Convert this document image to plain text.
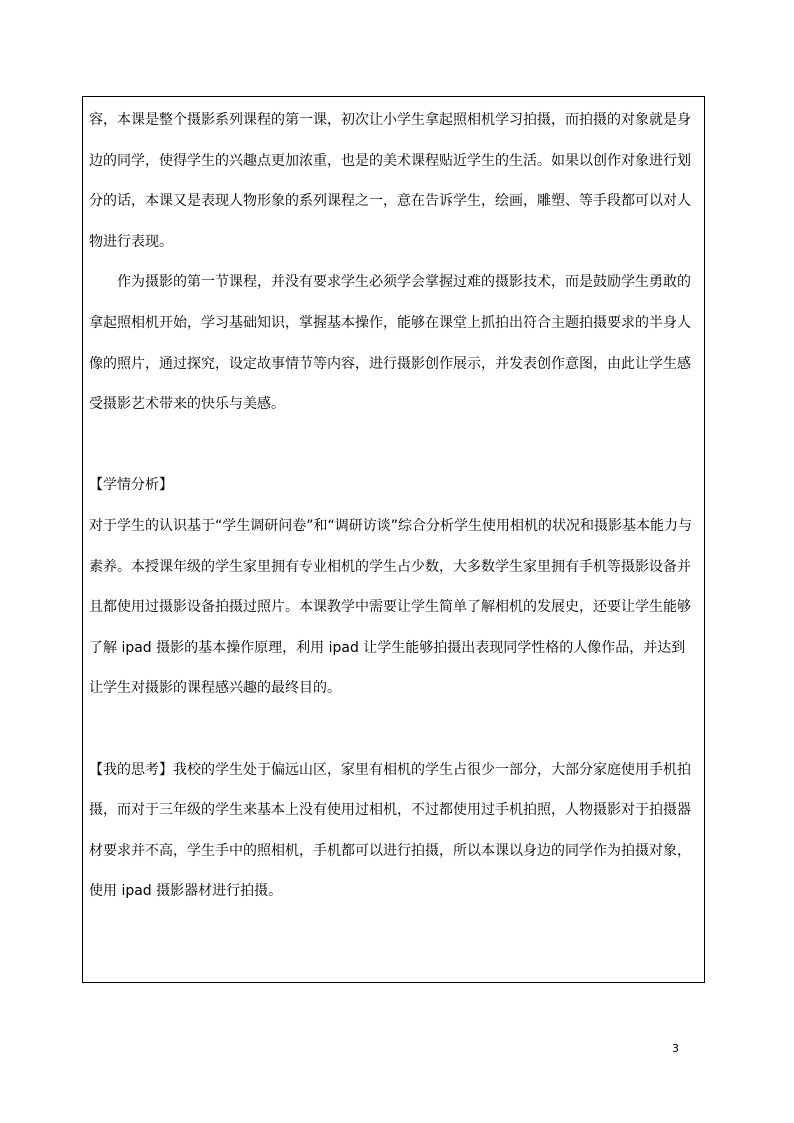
容，本课是整个摄影系列课程的第一课，初次让小学生拿起照相机学习拍摄，而拍摄的对象就是身边的同学，使得学生的兴趣点更加浓重，也是的美术课程贴近学生的生活。如果以创作对象进行划分的话，本课又是表现人物形象的系列课程之一，意在告诉学生，绘画，雕塑、等手段都可以对人物进行表现。

作为摄影的第一节课程，并没有要求学生必须学会掌握过难的摄影技术，而是鼓励学生勇敢的拿起照相机开始，学习基础知识，掌握基本操作，能够在课堂上抓拍出符合主题拍摄要求的半身人像的照片，通过探究，设定故事情节等内容，进行摄影创作展示，并发表创作意图，由此让学生感受摄影艺术带来的快乐与美感。

【学情分析】

对于学生的认识基于“学生调研问卷”和“调研访谈”综合分析学生使用相机的状况和摄影基本能力与素养。本授课年级的学生家里拥有专业相机的学生占少数，大多数学生家里拥有手机等摄影设备并且都使用过摄影设备拍摄过照片。本课教学中需要让学生简单了解相机的发展史，还要让学生能够了解 ipad 摄影的基本操作原理，利用 ipad 让学生能够拍摄出表现同学性格的人像作品，并达到让学生对摄影的课程感兴趣的最终目的。

【我的思考】我校的学生处于偏远山区，家里有相机的学生占很少一部分，大部分家庭使用手机拍摄，而对于三年级的学生来基本上没有使用过相机，不过都使用过手机拍照，人物摄影对于拍摄器材要求并不高，学生手中的照相机，手机都可以进行拍摄，所以本课以身边的同学作为拍摄对象，使用 ipad 摄影器材进行拍摄。

3
